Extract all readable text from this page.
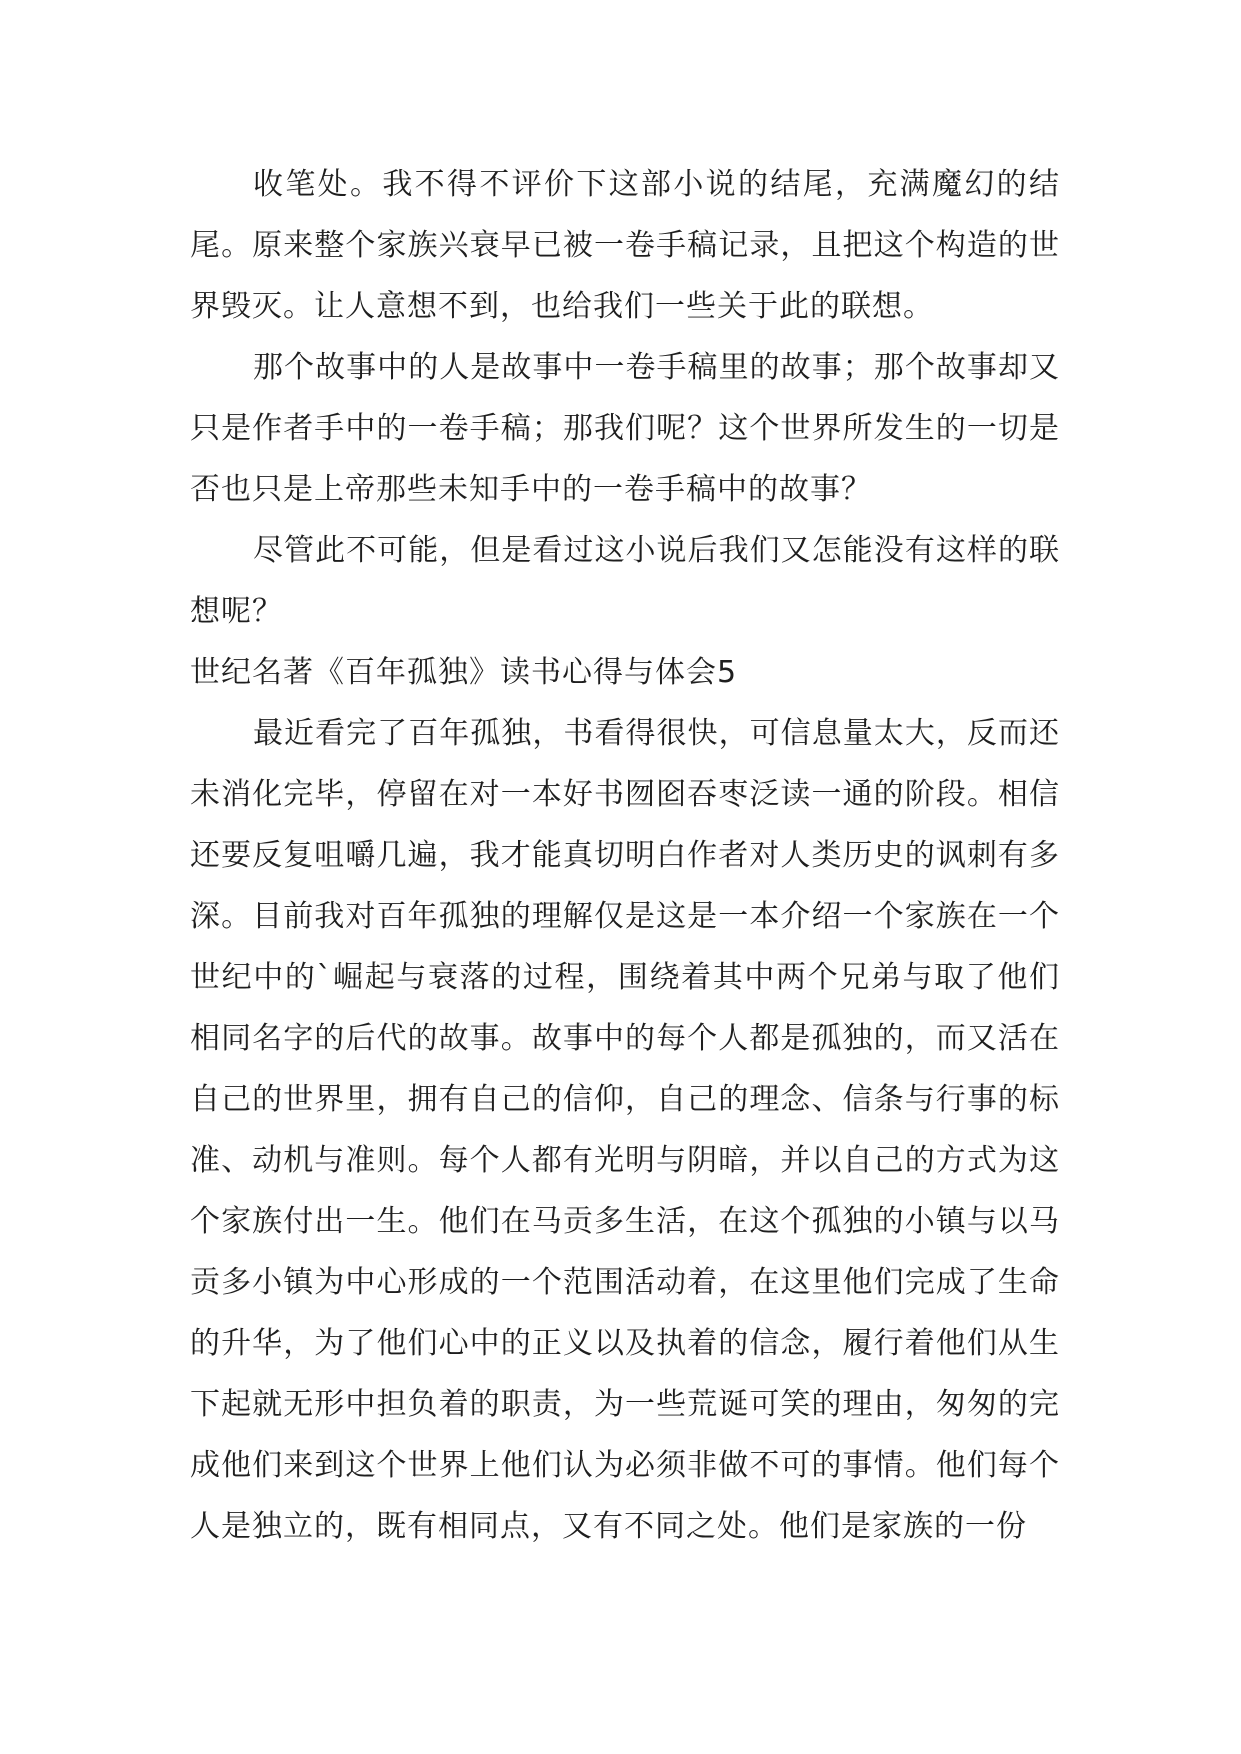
收笔处。我不得不评价下这部小说的结尾，充满魔幻的结尾。原来整个家族兴衰早已被一卷手稿记录，且把这个构造的世界毁灭。让人意想不到，也给我们一些关于此的联想。

那个故事中的人是故事中一卷手稿里的故事；那个故事却又只是作者手中的一卷手稿；那我们呢？这个世界所发生的一切是否也只是上帝那些未知手中的一卷手稿中的故事？

尽管此不可能，但是看过这小说后我们又怎能没有这样的联想呢？

世纪名著《百年孤独》读书心得与体会5

最近看完了百年孤独，书看得很快，可信息量太大，反而还未消化完毕，停留在对一本好书囫囵吞枣泛读一通的阶段。相信还要反复咀嚼几遍，我才能真切明白作者对人类历史的讽刺有多深。目前我对百年孤独的理解仅是这是一本介绍一个家族在一个世纪中的`崛起与衰落的过程，围绕着其中两个兄弟与取了他们相同名字的后代的故事。故事中的每个人都是孤独的，而又活在自己的世界里，拥有自己的信仰，自己的理念、信条与行事的标准、动机与准则。每个人都有光明与阴暗，并以自己的方式为这个家族付出一生。他们在马贡多生活，在这个孤独的小镇与以马贡多小镇为中心形成的一个范围活动着，在这里他们完成了生命的升华，为了他们心中的正义以及执着的信念，履行着他们从生下起就无形中担负着的职责，为一些荒诞可笑的理由，匆匆的完成他们来到这个世界上他们认为必须非做不可的事情。他们每个人是独立的，既有相同点，又有不同之处。他们是家族的一份
